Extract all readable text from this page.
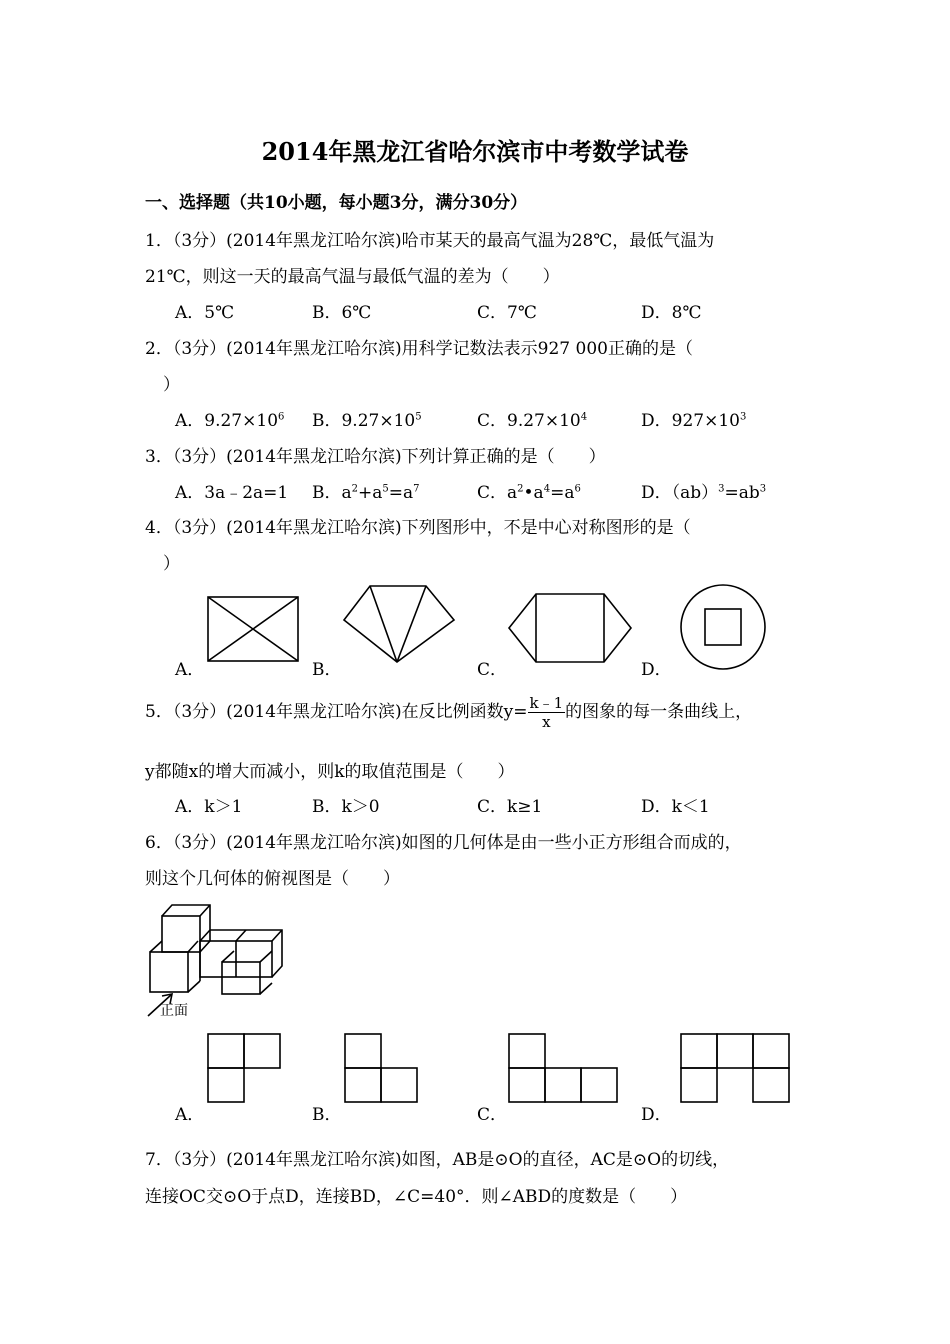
2014年黑龙江省哈尔滨市中考数学试卷
一、选择题（共10小题，每小题3分，满分30分）
1．（3分）(2014年黑龙江哈尔滨)哈市某天的最高气温为28℃，最低气温为
21℃，则这一天的最高气温与最低气温的差为（　　）
A．5℃	B．6℃	C．7℃	D．8℃
2．（3分）(2014年黑龙江哈尔滨)用科学记数法表示927 000正确的是（
）
A．$9.27\times 10^6$ B．$9.27\times 10^5$	C．$9.27\times 10^4$	D．$927\times 10^3$
3．（3分）(2014年黑龙江哈尔滨)下列计算正确的是（　　）
A．3a﹣2a=1 B．$a^2+a^5=a^7$	C．$a^2•a^4=a^6$	D．$(ab)^3=ab^3$
4．（3分）(2014年黑龙江哈尔滨)下列图形中，不是中心对称图形的是（
）
A．	B．	C．	D．
5．（3分）(2014年黑龙江哈尔滨)在反比例函数$y= \frac{k﹣1}{x}$ 的图象的每一条曲线上，
y都随x的增大而减小，则k的取值范围是（　　）
A．k＞1	B．k＞0	C．k≥1	D．k＜1
6．（3分）(2014年黑龙江哈尔滨)如图的几何体是由一些小正方形组合而成的，
则这个几何体的俯视图是（　　）
正面
A．	B．	C．	D．
7．（3分）(2014年黑龙江哈尔滨)如图，AB是⊙O的直径，AC是⊙O的切线，
连接OC交⊙O于点D，连接BD，∠C=40°．则∠ABD的度数是（　　）
